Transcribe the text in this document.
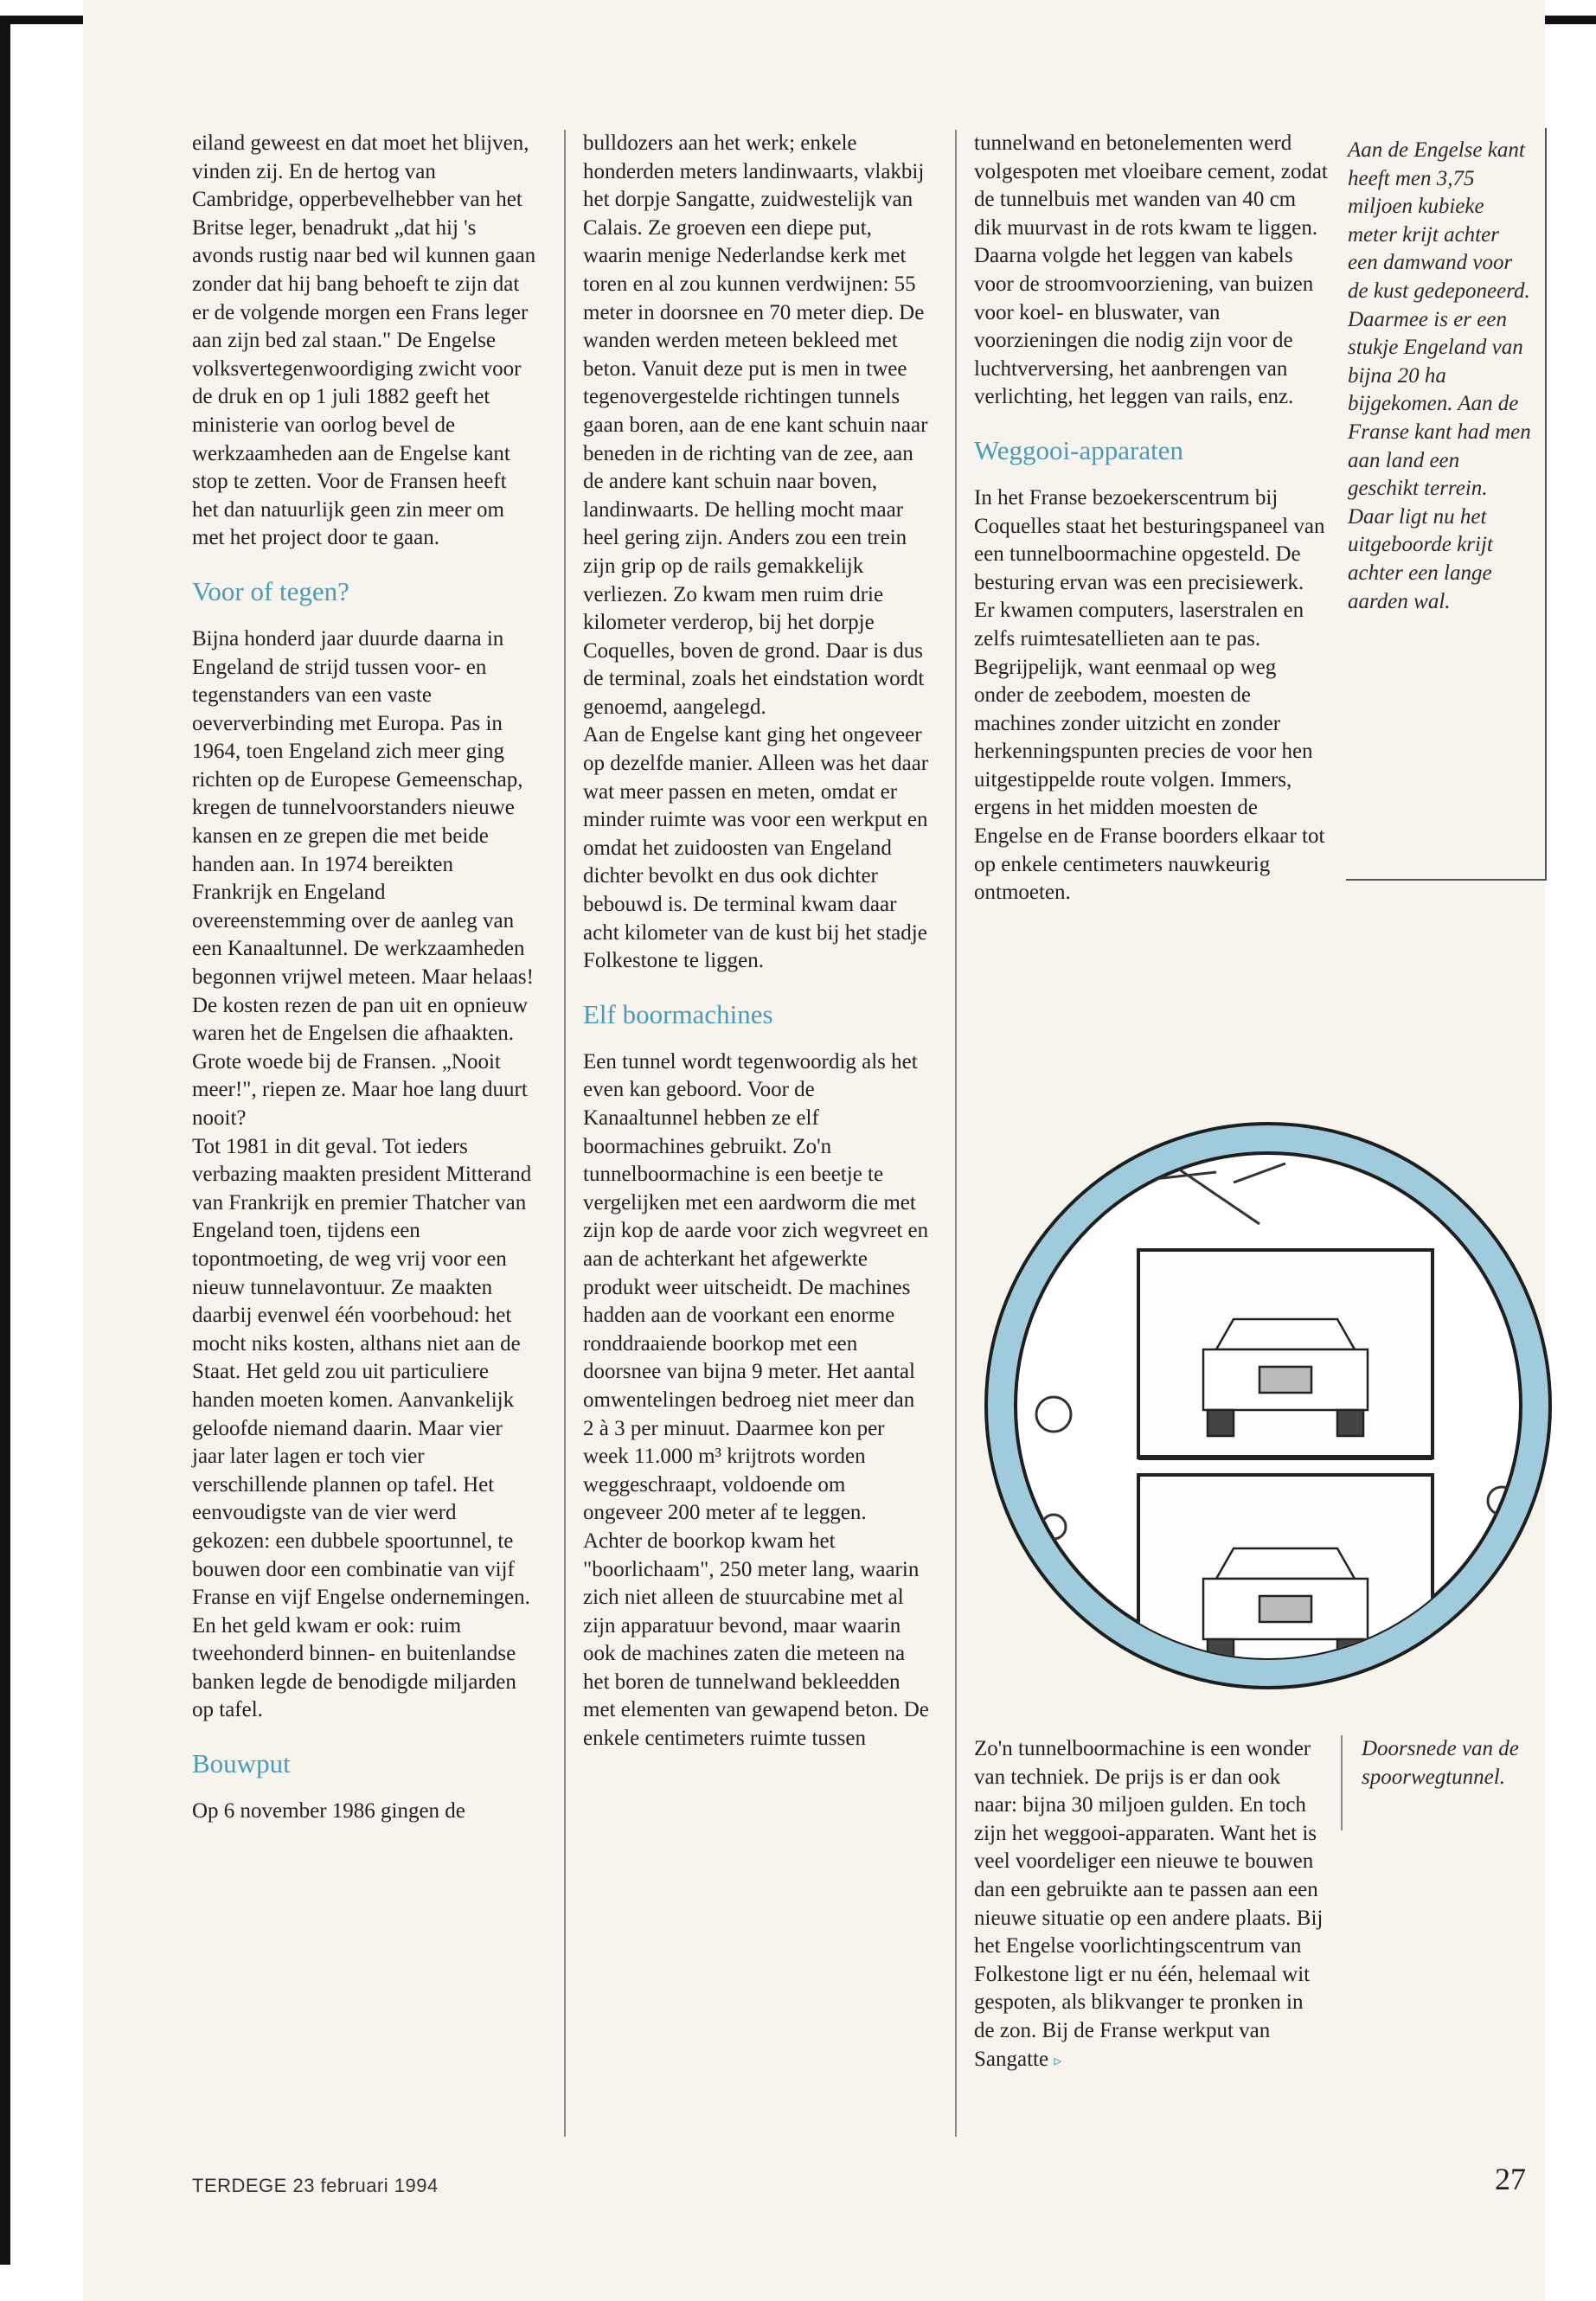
eiland geweest en dat moet het blijven, vinden zij. En de hertog van Cambridge, opperbevelhebber van het Britse leger, benadrukt „dat hij 's avonds rustig naar bed wil kunnen gaan zonder dat hij bang behoeft te zijn dat er de volgende morgen een Frans leger aan zijn bed zal staan." De Engelse volksvertegenwoordiging zwicht voor de druk en op 1 juli 1882 geeft het ministerie van oorlog bevel de werkzaamheden aan de Engelse kant stop te zetten. Voor de Fransen heeft het dan natuurlijk geen zin meer om met het project door te gaan.

Voor of tegen?

Bijna honderd jaar duurde daarna in Engeland de strijd tussen voor- en tegenstanders van een vaste oeververbinding met Europa. Pas in 1964, toen Engeland zich meer ging richten op de Europese Gemeenschap, kregen de tunnelvoorstanders nieuwe kansen en ze grepen die met beide handen aan. In 1974 bereikten Frankrijk en Engeland overeenstemming over de aanleg van een Kanaaltunnel. De werkzaamheden begonnen vrijwel meteen. Maar helaas! De kosten rezen de pan uit en opnieuw waren het de Engelsen die afhaakten. Grote woede bij de Fransen. „Nooit meer!", riepen ze. Maar hoe lang duurt nooit?

Tot 1981 in dit geval. Tot ieders verbazing maakten president Mitterand van Frankrijk en premier Thatcher van Engeland toen, tijdens een topontmoeting, de weg vrij voor een nieuw tunnelavontuur. Ze maakten daarbij evenwel één voorbehoud: het mocht niks kosten, althans niet aan de Staat. Het geld zou uit particuliere handen moeten komen. Aanvankelijk geloofde niemand daarin. Maar vier jaar later lagen er toch vier verschillende plannen op tafel. Het eenvoudigste van de vier werd gekozen: een dubbele spoortunnel, te bouwen door een combinatie van vijf Franse en vijf Engelse ondernemingen. En het geld kwam er ook: ruim tweehonderd binnen- en buitenlandse banken legde de benodigde miljarden op tafel.

Bouwput

Op 6 november 1986 gingen de

bulldozers aan het werk; enkele honderden meters landinwaarts, vlakbij het dorpje Sangatte, zuidwestelijk van Calais. Ze groeven een diepe put, waarin menige Nederlandse kerk met toren en al zou kunnen verdwijnen: 55 meter in doorsnee en 70 meter diep. De wanden werden meteen bekleed met beton. Vanuit deze put is men in twee tegenovergestelde richtingen tunnels gaan boren, aan de ene kant schuin naar beneden in de richting van de zee, aan de andere kant schuin naar boven, landinwaarts. De helling mocht maar heel gering zijn. Anders zou een trein zijn grip op de rails gemakkelijk verliezen. Zo kwam men ruim drie kilometer verderop, bij het dorpje Coquelles, boven de grond. Daar is dus de terminal, zoals het eindstation wordt genoemd, aangelegd.

Aan de Engelse kant ging het ongeveer op dezelfde manier. Alleen was het daar wat meer passen en meten, omdat er minder ruimte was voor een werkput en omdat het zuidoosten van Engeland dichter bevolkt en dus ook dichter bebouwd is. De terminal kwam daar acht kilometer van de kust bij het stadje Folkestone te liggen.

Elf boormachines

Een tunnel wordt tegenwoordig als het even kan geboord. Voor de Kanaaltunnel hebben ze elf boormachines gebruikt. Zo'n tunnelboormachine is een beetje te vergelijken met een aardworm die met zijn kop de aarde voor zich wegvreet en aan de achterkant het afgewerkte produkt weer uitscheidt. De machines hadden aan de voorkant een enorme ronddraaiende boorkop met een doorsnee van bijna 9 meter. Het aantal omwentelingen bedroeg niet meer dan 2 à 3 per minuut. Daarmee kon per week 11.000 m³ krijtrots worden weggeschraapt, voldoende om ongeveer 200 meter af te leggen.

Achter de boorkop kwam het "boorlichaam", 250 meter lang, waarin zich niet alleen de stuurcabine met al zijn apparatuur bevond, maar waarin ook de machines zaten die meteen na het boren de tunnelwand bekleedden met elementen van gewapend beton. De enkele centimeters ruimte tussen

tunnelwand en betonelementen werd volgespoten met vloeibare cement, zodat de tunnelbuis met wanden van 40 cm dik muurvast in de rots kwam te liggen. Daarna volgde het leggen van kabels voor de stroomvoorziening, van buizen voor koel- en bluswater, van voorzieningen die nodig zijn voor de luchtverversing, het aanbrengen van verlichting, het leggen van rails, enz.

Weggooi-apparaten

In het Franse bezoekerscentrum bij Coquelles staat het besturingspaneel van een tunnelboormachine opgesteld. De besturing ervan was een precisiewerk. Er kwamen computers, laserstralen en zelfs ruimtesatellieten aan te pas. Begrijpelijk, want eenmaal op weg onder de zeebodem, moesten de machines zonder uitzicht en zonder herkenningspunten precies de voor hen uitgestippelde route volgen. Immers, ergens in het midden moesten de Engelse en de Franse boorders elkaar tot op enkele centimeters nauwkeurig ontmoeten.

Aan de Engelse kant heeft men 3,75 miljoen kubieke meter krijt achter een damwand voor de kust gedeponeerd. Daarmee is er een stukje Engeland van bijna 20 ha bijgekomen. Aan de Franse kant had men aan land een geschikt terrein. Daar ligt nu het uitgeboorde krijt achter een lange aarden wal.

Zo'n tunnelboormachine is een wonder van techniek. De prijs is er dan ook naar: bijna 30 miljoen gulden. En toch zijn het weggooi-apparaten. Want het is veel voordeliger een nieuwe te bouwen dan een gebruikte aan te passen aan een nieuwe situatie op een andere plaats. Bij het Engelse voorlichtingscentrum van Folkestone ligt er nu één, helemaal wit gespoten, als blikvanger te pronken in de zon. Bij de Franse werkput van Sangatte ▹

Doorsnede van de spoorwegtunnel.
TERDEGE 23 februari 1994	27
